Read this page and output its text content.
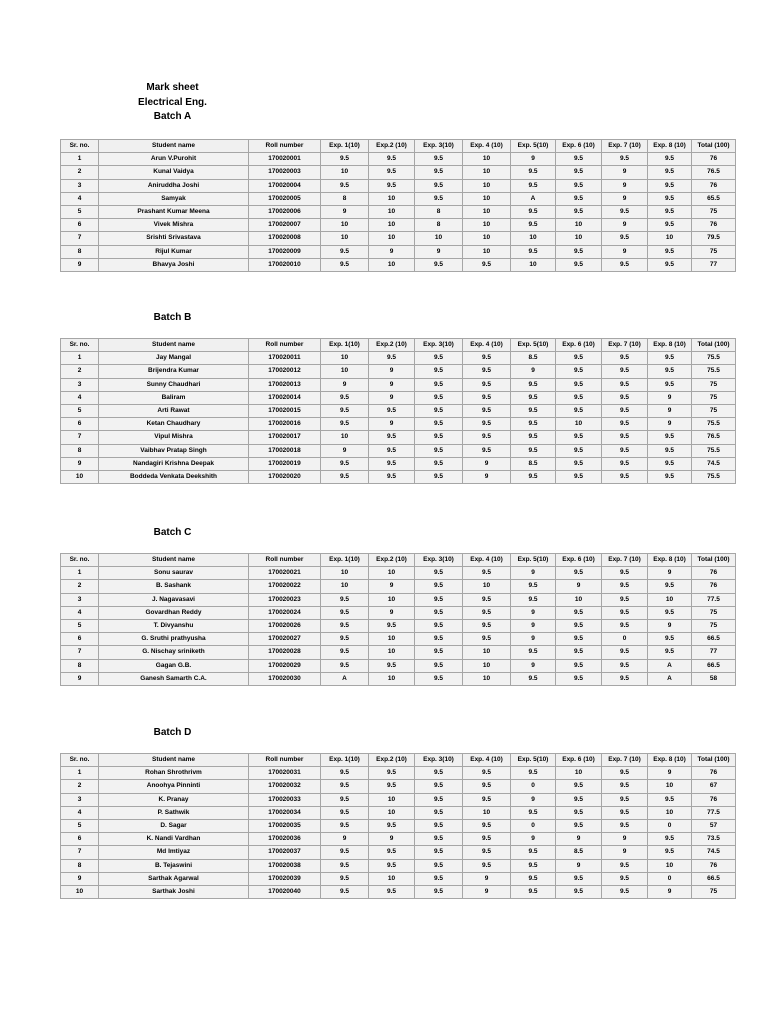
Mark sheet
Electrical Eng.
Batch A
Sr. no.	Student name	Roll number	Exp. 1(10)	Exp.2 (10)	Exp. 3(10)	Exp. 4 (10)	Exp. 5(10)	Exp. 6 (10)	Exp. 7 (10)	Exp. 8 (10)	Total (100)
1	Arun V.Purohit	170020001	9.5	9.5	9.5	10	9	9.5	9.5	9.5	76
2	Kunal Vaidya	170020003	10	9.5	9.5	10	9.5	9.5	9	9.5	76.5
3	Aniruddha Joshi	170020004	9.5	9.5	9.5	10	9.5	9.5	9	9.5	76
4	Samyak	170020005	8	10	9.5	10	A	9.5	9	9.5	65.5
5	Prashant Kumar Meena	170020006	9	10	8	10	9.5	9.5	9.5	9.5	75
6	Vivek Mishra	170020007	10	10	8	10	9.5	10	9	9.5	76
7	Srishti Srivastava	170020008	10	10	10	10	10	10	9.5	10	79.5
8	Rijul Kumar	170020009	9.5	9	9	10	9.5	9.5	9	9.5	75
9	Bhavya Joshi	170020010	9.5	10	9.5	9.5	10	9.5	9.5	9.5	77
Batch B
Sr. no.	Student name	Roll number	Exp. 1(10)	Exp.2 (10)	Exp. 3(10)	Exp. 4 (10)	Exp. 5(10)	Exp. 6 (10)	Exp. 7 (10)	Exp. 8 (10)	Total (100)
1	Jay Mangal	170020011	10	9.5	9.5	9.5	8.5	9.5	9.5	9.5	75.5
2	Brijendra Kumar	170020012	10	9	9.5	9.5	9	9.5	9.5	9.5	75.5
3	Sunny Chaudhari	170020013	9	9	9.5	9.5	9.5	9.5	9.5	9.5	75
4	Baliram	170020014	9.5	9	9.5	9.5	9.5	9.5	9.5	9	75
5	Arti Rawat	170020015	9.5	9.5	9.5	9.5	9.5	9.5	9.5	9	75
6	Ketan Chaudhary	170020016	9.5	9	9.5	9.5	9.5	10	9.5	9	75.5
7	Vipul Mishra	170020017	10	9.5	9.5	9.5	9.5	9.5	9.5	9.5	76.5
8	Vaibhav Pratap Singh	170020018	9	9.5	9.5	9.5	9.5	9.5	9.5	9.5	75.5
9	Nandagiri Krishna Deepak	170020019	9.5	9.5	9.5	9	8.5	9.5	9.5	9.5	74.5
10	Boddeda Venkata Deekshith	170020020	9.5	9.5	9.5	9	9.5	9.5	9.5	9.5	75.5
Batch C
Sr. no.	Student name	Roll number	Exp. 1(10)	Exp.2 (10)	Exp. 3(10)	Exp. 4 (10)	Exp. 5(10)	Exp. 6 (10)	Exp. 7 (10)	Exp. 8 (10)	Total (100)
1	Sonu saurav	170020021	10	10	9.5	9.5	9	9.5	9.5	9	76
2	B. Sashank	170020022	10	9	9.5	10	9.5	9	9.5	9.5	76
3	J. Nagavasavi	170020023	9.5	10	9.5	9.5	9.5	10	9.5	10	77.5
4	Govardhan Reddy	170020024	9.5	9	9.5	9.5	9	9.5	9.5	9.5	75
5	T. Divyanshu	170020026	9.5	9.5	9.5	9.5	9	9.5	9.5	9	75
6	G. Sruthi prathyusha	170020027	9.5	10	9.5	9.5	9	9.5	0	9.5	66.5
7	G. Nischay sriniketh	170020028	9.5	10	9.5	10	9.5	9.5	9.5	9.5	77
8	Gagan G.B.	170020029	9.5	9.5	9.5	10	9	9.5	9.5	A	66.5
9	Ganesh Samarth C.A.	170020030	A	10	9.5	10	9.5	9.5	9.5	A	58
Batch D
Sr. no.	Student name	Roll number	Exp. 1(10)	Exp.2 (10)	Exp. 3(10)	Exp. 4 (10)	Exp. 5(10)	Exp. 6 (10)	Exp. 7 (10)	Exp. 8 (10)	Total (100)
1	Rohan Shrothrivm	170020031	9.5	9.5	9.5	9.5	9.5	10	9.5	9	76
2	Anoohya Pinninti	170020032	9.5	9.5	9.5	9.5	0	9.5	9.5	10	67
3	K. Pranay	170020033	9.5	10	9.5	9.5	9	9.5	9.5	9.5	76
4	P. Sathwik	170020034	9.5	10	9.5	10	9.5	9.5	9.5	10	77.5
5	D. Sagar	170020035	9.5	9.5	9.5	9.5	0	9.5	9.5	0	57
6	K. Nandi Vardhan	170020036	9	9	9.5	9.5	9	9	9	9.5	73.5
7	Md Imtiyaz	170020037	9.5	9.5	9.5	9.5	9.5	8.5	9	9.5	74.5
8	B. Tejaswini	170020038	9.5	9.5	9.5	9.5	9.5	9	9.5	10	76
9	Sarthak Agarwal	170020039	9.5	10	9.5	9	9.5	9.5	9.5	0	66.5
10	Sarthak Joshi	170020040	9.5	9.5	9.5	9	9.5	9.5	9.5	9	75
